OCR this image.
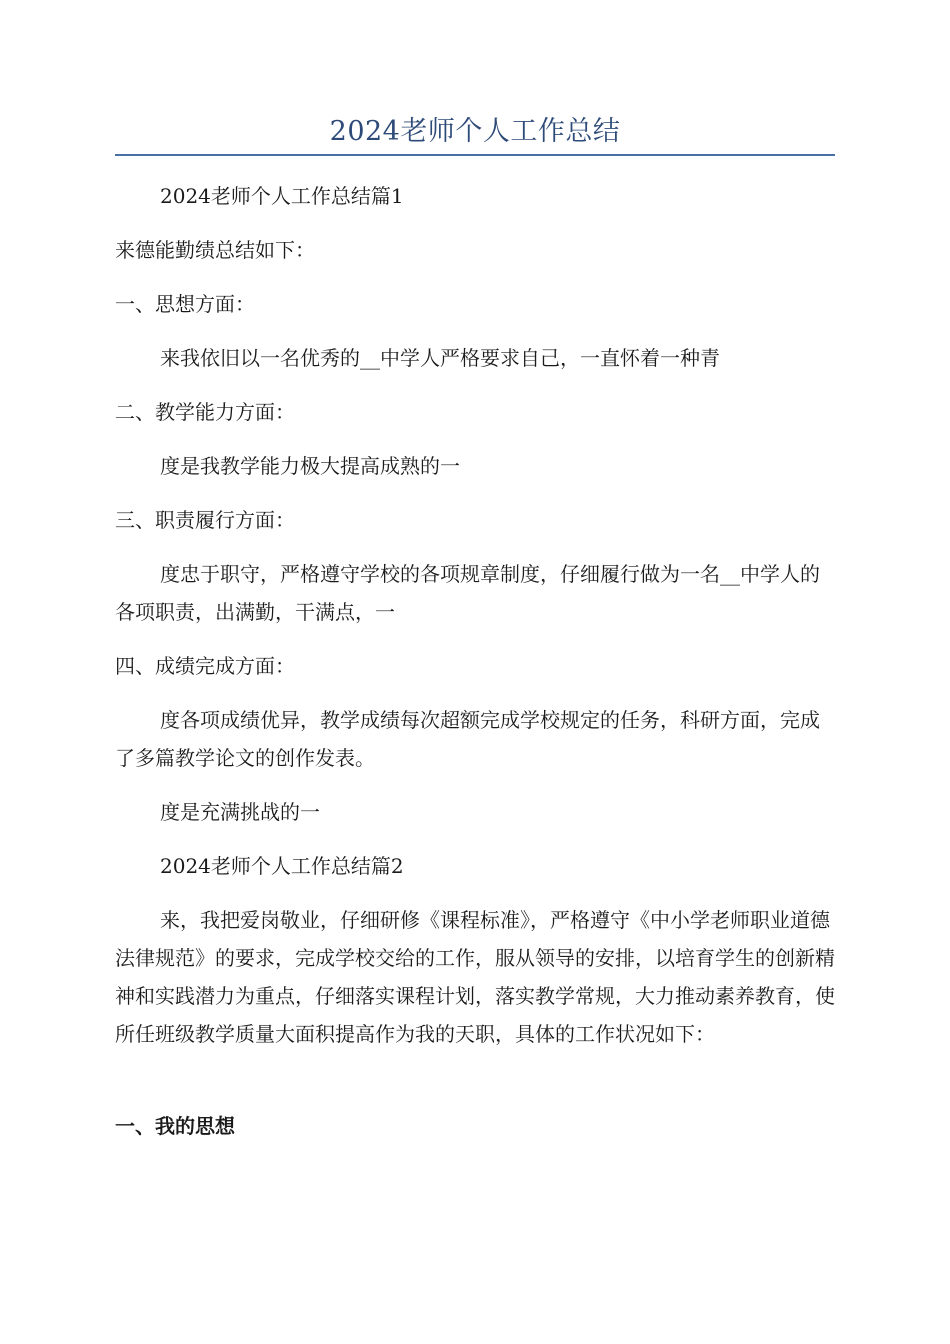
2024老师个人工作总结

2024老师个人工作总结篇1

来德能勤绩总结如下：

一、思想方面：

来我依旧以一名优秀的__中学人严格要求自己，一直怀着一种青

二、教学能力方面：

度是我教学能力极大提高成熟的一

三、职责履行方面：

度忠于职守，严格遵守学校的各项规章制度，仔细履行做为一名__中学人的各项职责，出满勤，干满点，一

四、成绩完成方面：

度各项成绩优异，教学成绩每次超额完成学校规定的任务，科研方面，完成了多篇教学论文的创作发表。

度是充满挑战的一

2024老师个人工作总结篇2

来，我把爱岗敬业，仔细研修《课程标准》，严格遵守《中小学老师职业道德法律规范》的要求，完成学校交给的工作，服从领导的安排，以培育学生的创新精神和实践潜力为重点，仔细落实课程计划，落实教学常规，大力推动素养教育，使所任班级教学质量大面积提高作为我的天职，具体的工作状况如下：

一、我的思想
